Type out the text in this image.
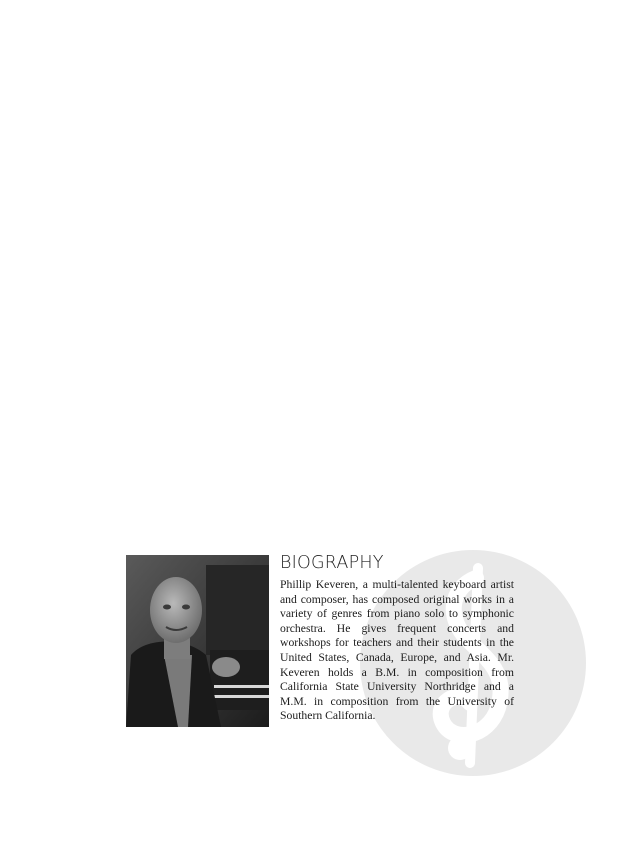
BIOGRAPHY

Phillip Keveren, a multi-talented keyboard artist and composer, has composed original works in a variety of genres from piano solo to symphonic orchestra. He gives frequent concerts and workshops for teachers and their students in the United States, Canada, Europe, and Asia. Mr. Keveren holds a B.M. in composition from California State University Northridge and a M.M. in composition from the University of Southern California.
